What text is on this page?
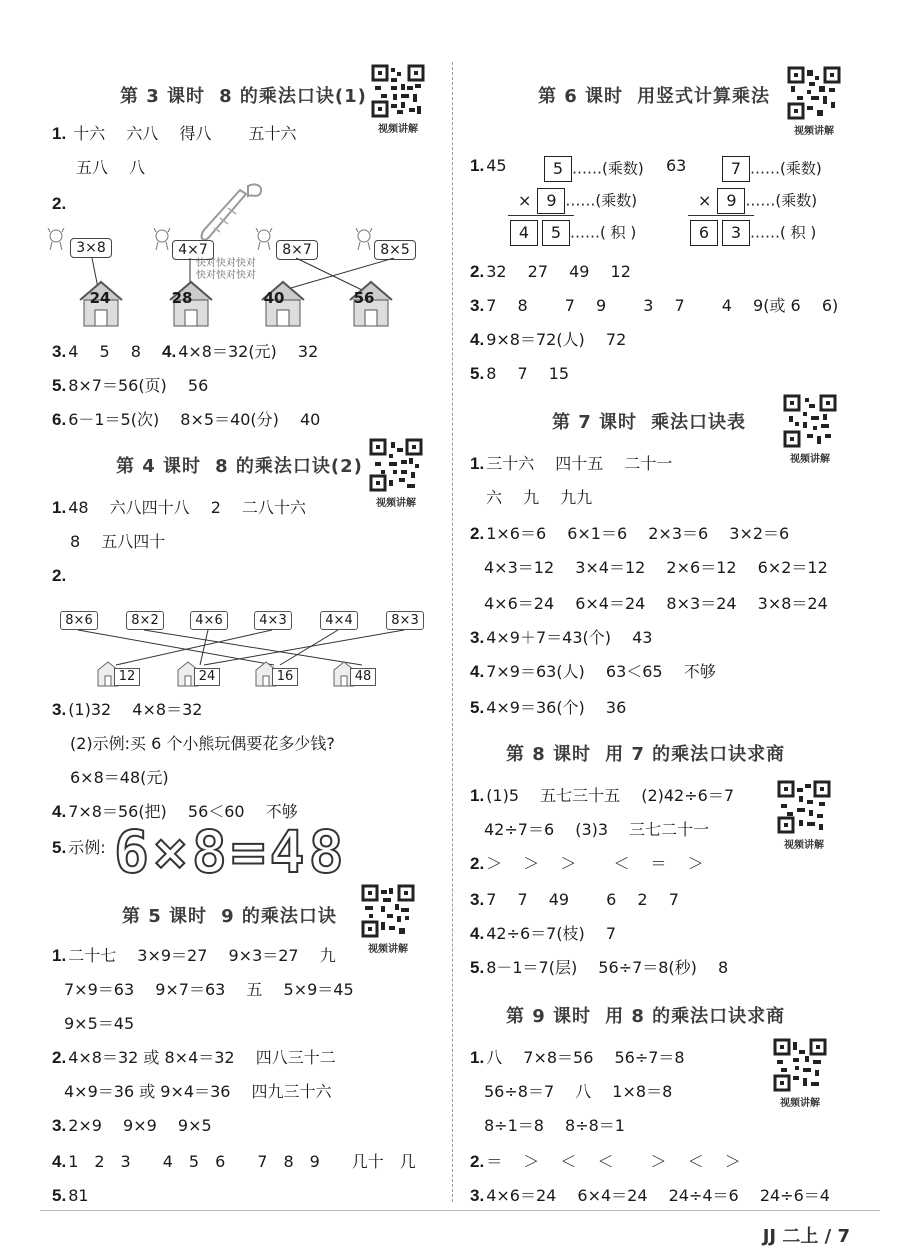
第 3 课时 8 的乘法口诀(1)
视频讲解
1. 十六　 六八　 得八　　 五十六
五八　 八
2.
3×8	4×7
快对快对快对
快对快对快对
8×7	8×5
24	28	40	56
3. 4　 5　 8　 4. 4×8＝32(元)　 32
5. 8×7＝56(页)　 56
6. 6－1＝5(次)　 8×5＝40(分)　 40
第 4 课时 8 的乘法口诀(2)
视频讲解
1. 48　 六八四十八　 2　 二八十六
8　 五八四十
2.
8×6	8×2	4×6	4×3	4×4	8×3
12	24	16	48
3. (1)32　 4×8＝32
(2)示例:买 6 个小熊玩偶要花多少钱?
6×8＝48(元)
4. 7×8＝56(把)　 56＜60　 不够
5. 示例: 6×8=48
第 5 课时 9 的乘法口诀
视频讲解
1. 二十七　 3×9＝27　 9×3＝27　 九
7×9＝63　 9×7＝63　 五　 5×9＝45
9×5＝45
2. 4×8＝32 或 8×4＝32　 四八三十二
4×9＝36 或 9×4＝36　 四九三十六
3. 2×9　 9×9　 9×5
4. 1　2　3　　4　5　6　　7　8　9　　几十　几
5. 81
第 6 课时 用竖式计算乘法
视频讲解
1. 45	63
5 ……(乘数)
× 9 ……(乘数)
4 5 ……( 积 )
7 ……(乘数)
× 9 ……(乘数)
6 3 ……( 积 )
2. 32　 27　 49　 12
3. 7　 8　　 7　 9　　 3　 7　　 4　 9(或 6　 6)
4. 9×8＝72(人)　 72
5. 8　 7　 15
第 7 课时 乘法口诀表
视频讲解
1. 三十六　 四十五　 二十一
六　 九　 九九
2. 1×6＝6　 6×1＝6　 2×3＝6　 3×2＝6
4×3＝12　 3×4＝12　 2×6＝12　 6×2＝12
4×6＝24　 6×4＝24　 8×3＝24　 3×8＝24
3. 4×9＋7＝43(个)　 43
4. 7×9＝63(人)　 63＜65　 不够
5. 4×9＝36(个)　 36
第 8 课时 用 7 的乘法口诀求商
视频讲解
1. (1)5　 五七三十五　 (2)42÷6＝7
42÷7＝6　 (3)3　 三七二十一
2. ＞　 ＞　 ＞　　 ＜　 ＝　 ＞
3. 7　 7　 49　　 6　 2　 7
4. 42÷6＝7(枝)　 7
5. 8－1＝7(层)　 56÷7＝8(秒)　 8
第 9 课时 用 8 的乘法口诀求商
视频讲解
1. 八　 7×8＝56　 56÷7＝8
56÷8＝7　 八　 1×8＝8
8÷1＝8　 8÷8＝1
2. ＝　 ＞　 ＜　 ＜　　 ＞　 ＜　 ＞
3. 4×6＝24　 6×4＝24　 24÷4＝6　 24÷6＝4
JJ 二上 / 7
